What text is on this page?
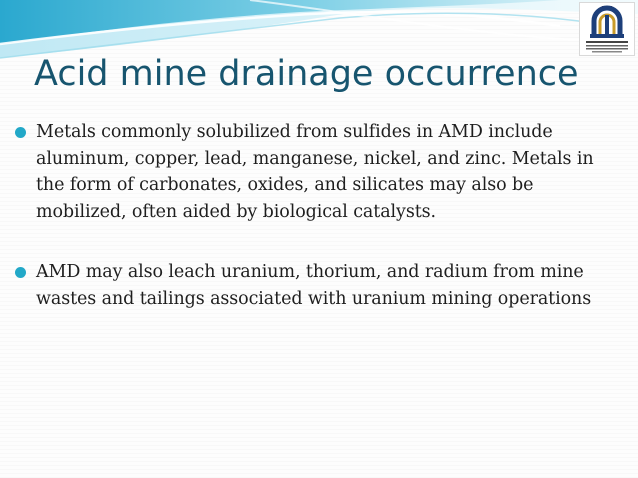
Acid mine drainage occurrence
Metals commonly solubilized from sulfides in AMD include aluminum, copper, lead, manganese, nickel, and zinc. Metals in the form of carbonates, oxides, and silicates may also be mobilized, often aided by biological catalysts.
AMD may also leach uranium, thorium, and radium from mine wastes and tailings associated with uranium mining operations
